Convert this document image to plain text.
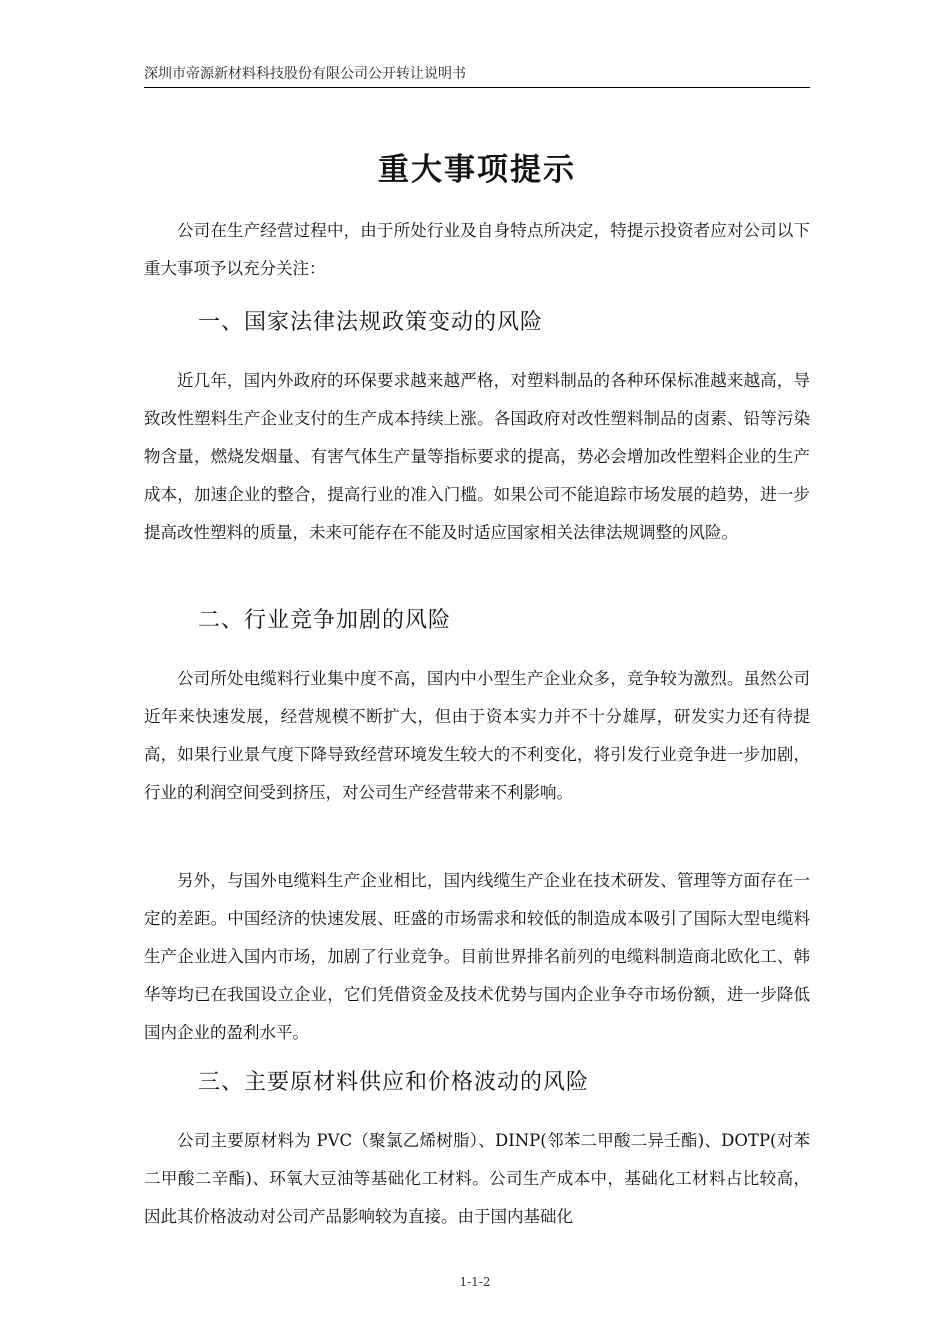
深圳市帝源新材料科技股份有限公司公开转让说明书
重大事项提示

公司在生产经营过程中，由于所处行业及自身特点所决定，特提示投资者应对公司以下重大事项予以充分关注：

一、国家法律法规政策变动的风险

近几年，国内外政府的环保要求越来越严格，对塑料制品的各种环保标准越来越高，导致改性塑料生产企业支付的生产成本持续上涨。各国政府对改性塑料制品的卤素、铅等污染物含量，燃烧发烟量、有害气体生产量等指标要求的提高，势必会增加改性塑料企业的生产成本，加速企业的整合，提高行业的准入门槛。如果公司不能追踪市场发展的趋势，进一步提高改性塑料的质量，未来可能存在不能及时适应国家相关法律法规调整的风险。

二、行业竞争加剧的风险

公司所处电缆料行业集中度不高，国内中小型生产企业众多，竞争较为激烈。虽然公司近年来快速发展，经营规模不断扩大，但由于资本实力并不十分雄厚，研发实力还有待提高，如果行业景气度下降导致经营环境发生较大的不利变化，将引发行业竞争进一步加剧，行业的利润空间受到挤压，对公司生产经营带来不利影响。

另外，与国外电缆料生产企业相比，国内线缆生产企业在技术研发、管理等方面存在一定的差距。中国经济的快速发展、旺盛的市场需求和较低的制造成本吸引了国际大型电缆料生产企业进入国内市场，加剧了行业竞争。目前世界排名前列的电缆料制造商北欧化工、韩华等均已在我国设立企业，它们凭借资金及技术优势与国内企业争夺市场份额，进一步降低国内企业的盈利水平。

三、主要原材料供应和价格波动的风险

公司主要原材料为 PVC（聚氯乙烯树脂）、DINP(邻苯二甲酸二异壬酯)、DOTP(对苯二甲酸二辛酯)、环氧大豆油等基础化工材料。公司生产成本中，基础化工材料占比较高，因此其价格波动对公司产品影响较为直接。由于国内基础化

1-1-2
